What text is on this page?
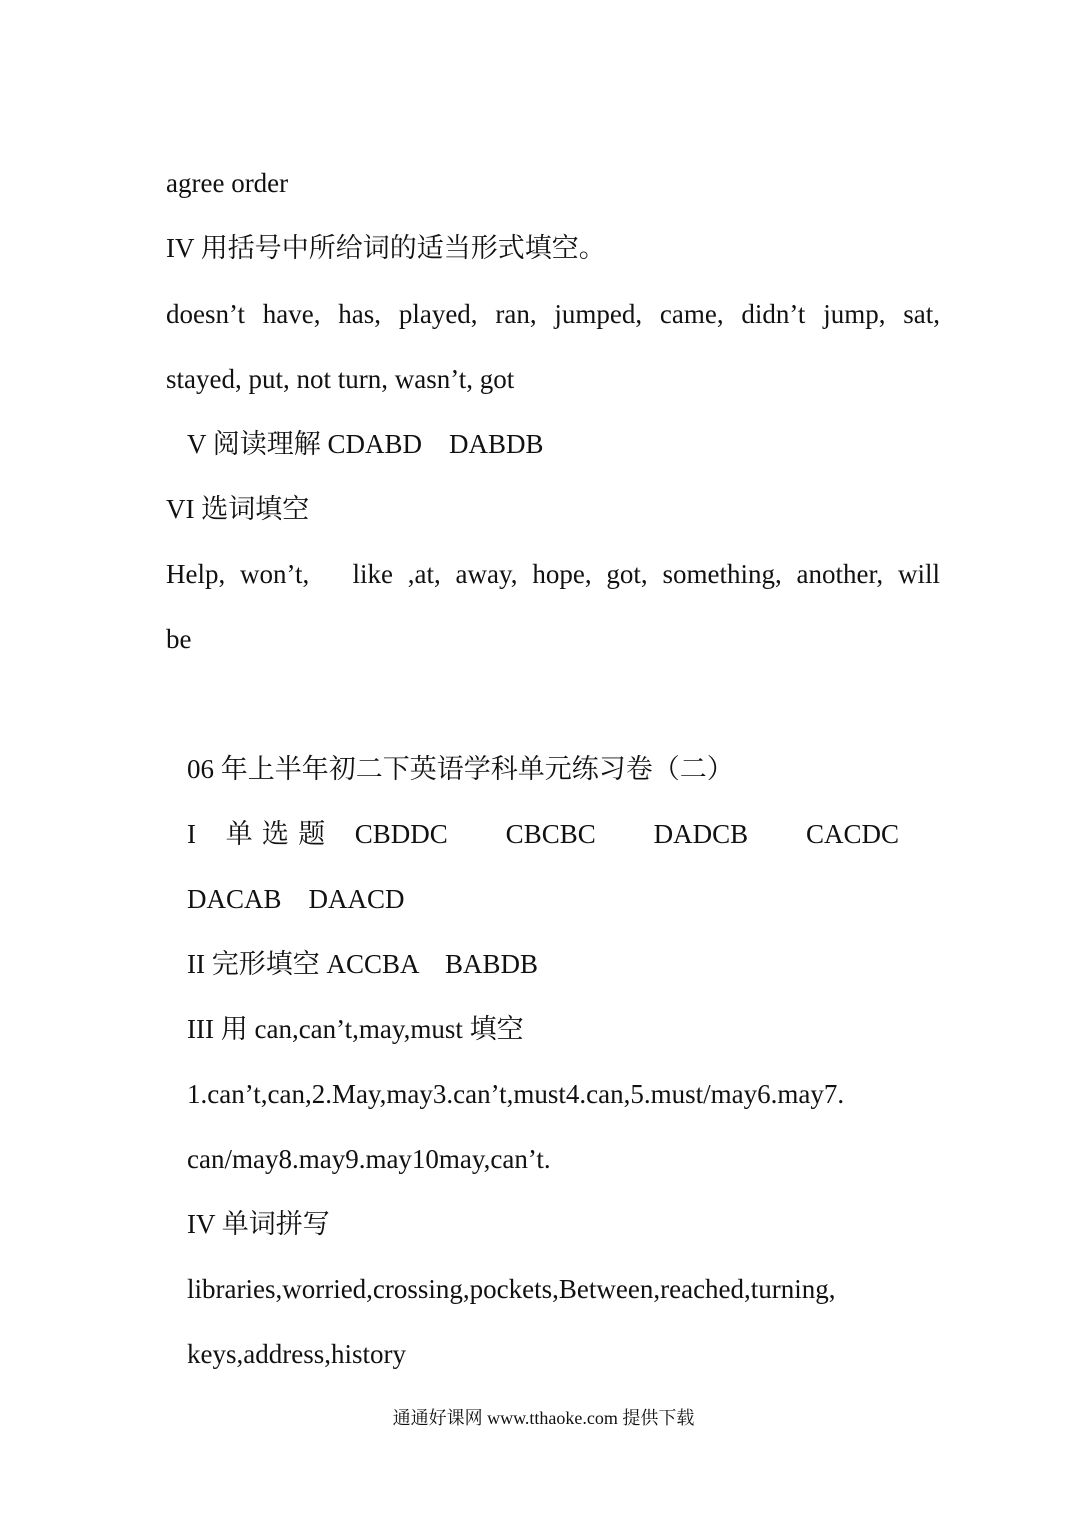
agree order

IV 用括号中所给词的适当形式填空。

doesn’t have, has, played, ran, jumped, came, didn’t jump, sat,

stayed, put, not turn, wasn’t, got

V 阅读理解 CDABD　DABDB

VI 选词填空

Help, won’t,　like ,at, away, hope, got, something, another, will

be

06 年上半年初二下英语学科单元练习卷（二）

I　单 选 题　CBDDC　　CBCBC　　DADCB　　CACDC

DACAB　DAACD

II 完形填空 ACCBA　BABDB

III 用 can,can’t,may,must 填空

1.can’t,can,2.May,may3.can’t,must4.can,5.must/may6.may7.

can/may8.may9.may10may,can’t.

IV 单词拼写

libraries,worried,crossing,pockets,Between,reached,turning,

keys,address,history

通通好课网 www.tthaoke.com 提供下载
